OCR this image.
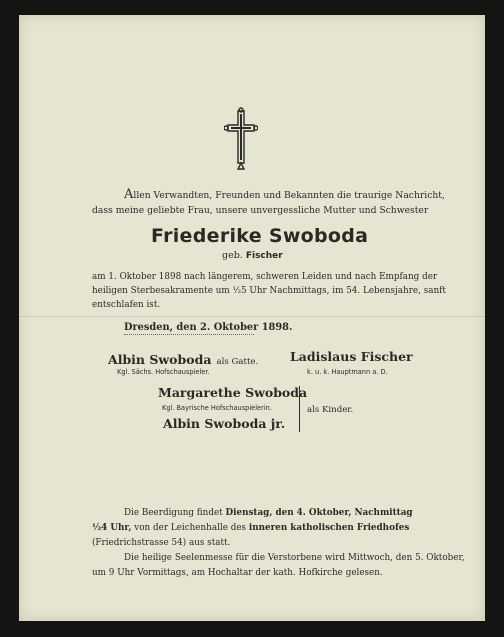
Allen Verwandten, Freunden und Bekannten die traurige Nachricht,
dass meine geliebte Frau, unsere unvergessliche Mutter und Schwester
Friederike Swoboda
geb. Fischer
am 1. Oktober 1898 nach längerem, schweren Leiden und nach Empfang der
heiligen Sterbesakramente um ¹⁄₂5 Uhr Nachmittags, im 54. Lebensjahre, sanft
entschlafen ist.
Dresden, den 2. Oktober 1898.
Albin Swoboda als Gatte.
Kgl. Sächs. Hofschauspieler.
Ladislaus Fischer
k. u. k. Hauptmann a. D.
Margarethe Swoboda
Kgl. Bayrische Hofschauspielerin.
Albin Swoboda jr.
als Kinder.
Die Beerdigung findet Dienstag, den 4. Oktober, Nachmittag
¹⁄₂4 Uhr, von der Leichenhalle des inneren katholischen Friedhofes
(Friedrichstrasse 54) aus statt.
Die heilige Seelenmesse für die Verstorbene wird Mittwoch, den 5. Oktober,
um 9 Uhr Vormittags, am Hochaltar der kath. Hofkirche gelesen.
